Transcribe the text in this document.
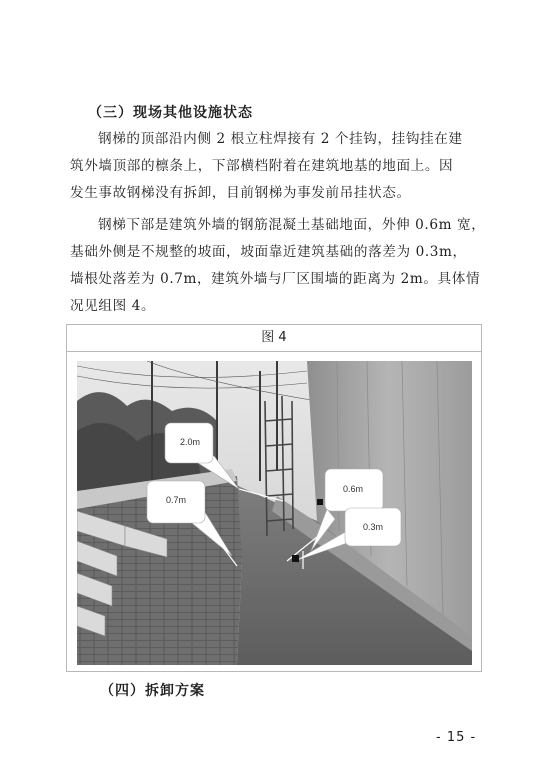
（三）现场其他设施状态
钢梯的顶部沿内侧 2 根立柱焊接有 2 个挂钩，挂钩挂在建
筑外墙顶部的檩条上，下部横档附着在建筑地基的地面上。因
发生事故钢梯没有拆卸，目前钢梯为事发前吊挂状态。
钢梯下部是建筑外墙的钢筋混凝土基础地面，外伸 0.6m 宽，
基础外侧是不规整的坡面，坡面靠近建筑基础的落差为 0.3m，
墙根处落差为 0.7m，建筑外墙与厂区围墙的距离为 2m。具体情
况见组图 4。
图 4
2.0m
0.7m
0.6m
0.3m
（四）拆卸方案
- 15 -
